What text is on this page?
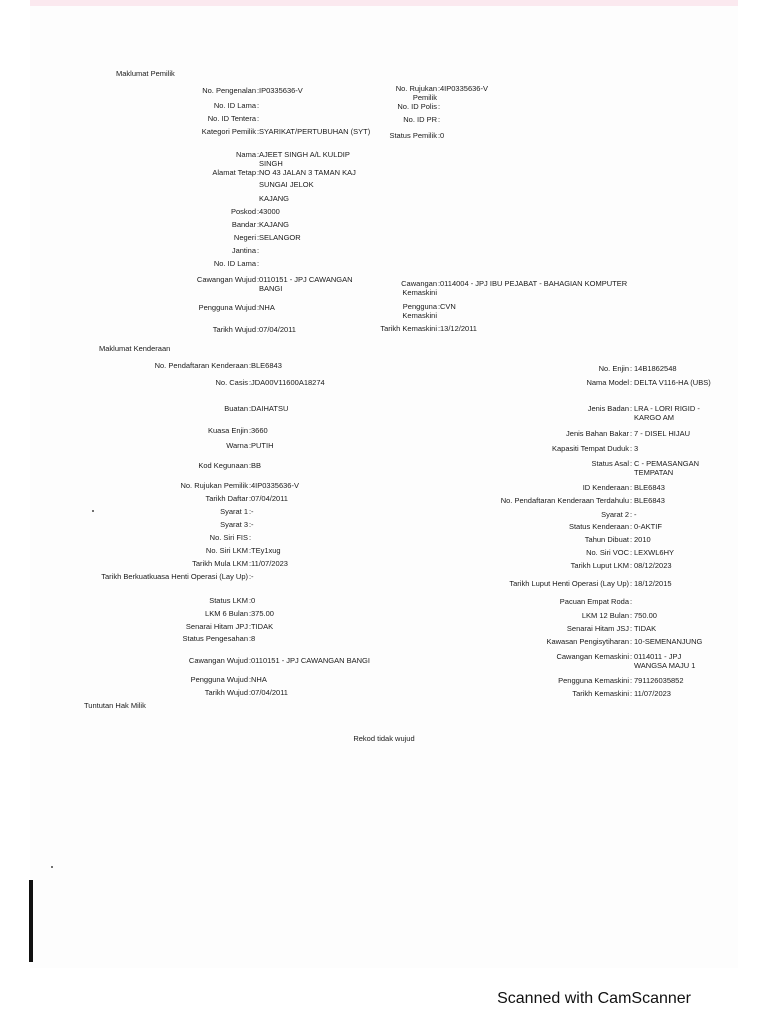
Maklumat Pemilik
Maklumat Kenderaan
Tuntutan Hak Milik
No. Pengenalan : IP0335636-V
No. ID Lama :
No. ID Tentera :
Kategori Pemilik : SYARIKAT/PERTUBUHAN (SYT)
Nama : AJEET SINGH A/L KULDIP SINGH
Alamat Tetap : NO 43 JALAN 3 TAMAN KAJ
SUNGAI JELOK
KAJANG
Poskod : 43000
Bandar : KAJANG
Negeri : SELANGOR
Jantina :
No. ID Lama :
Cawangan Wujud : 0110151 - JPJ CAWANGAN BANGI
Pengguna Wujud : NHA
Tarikh Wujud : 07/04/2011
No. Rujukan Pemilik
: 4IP0335636-V
No. ID Polis :
No. ID PR :
Status Pemilik : 0
Cawangan Kemaskini
: 0114004 - JPJ IBU PEJABAT - BAHAGIAN KOMPUTER
Pengguna Kemaskini
: CVN
Tarikh Kemaskini : 13/12/2011
No. Pendaftaran Kenderaan : BLE6843
No. Casis : JDA00V11600A18274
Buatan : DAIHATSU
Kuasa Enjin : 3660
Warna : PUTIH
Kod Kegunaan : BB
No. Rujukan Pemilik : 4IP0335636-V
Tarikh Daftar : 07/04/2011
Syarat 1 : -
Syarat 3 : -
No. Siri FIS :
No. Siri LKM : TEy1xug
Tarikh Mula LKM : 11/07/2023
Tarikh Berkuatkuasa Henti Operasi (Lay Up) : -
Status LKM : 0
LKM 6 Bulan : 375.00
Senarai Hitam JPJ : TIDAK
Status Pengesahan : 8
Cawangan Wujud : 0110151 - JPJ CAWANGAN BANGI
Pengguna Wujud : NHA
Tarikh Wujud : 07/04/2011
No. Enjin : 14B1862548
Nama Model : DELTA V116-HA (UBS)
Jenis Badan : LRA - LORI RIGID - KARGO AM
Jenis Bahan Bakar : 7 - DISEL HIJAU
Kapasiti Tempat Duduk : 3
Status Asal : C - PEMASANGAN TEMPATAN
ID Kenderaan : BLE6843
No. Pendaftaran Kenderaan Terdahulu : BLE6843
Syarat 2 : -
Status Kenderaan : 0-AKTIF
Tahun Dibuat : 2010
No. Siri VOC : LEXWL6HY
Tarikh Luput LKM : 08/12/2023
Tarikh Luput Henti Operasi (Lay Up) : 18/12/2015
Pacuan Empat Roda :
LKM 12 Bulan : 750.00
Senarai Hitam JSJ : TIDAK
Kawasan Pengisytiharan : 10-SEMENANJUNG
Cawangan Kemaskini : 0114011 - JPJ WANGSA MAJU 1
Pengguna Kemaskini : 791126035852
Tarikh Kemaskini : 11/07/2023
Rekod tidak wujud
Scanned with CamScanner
